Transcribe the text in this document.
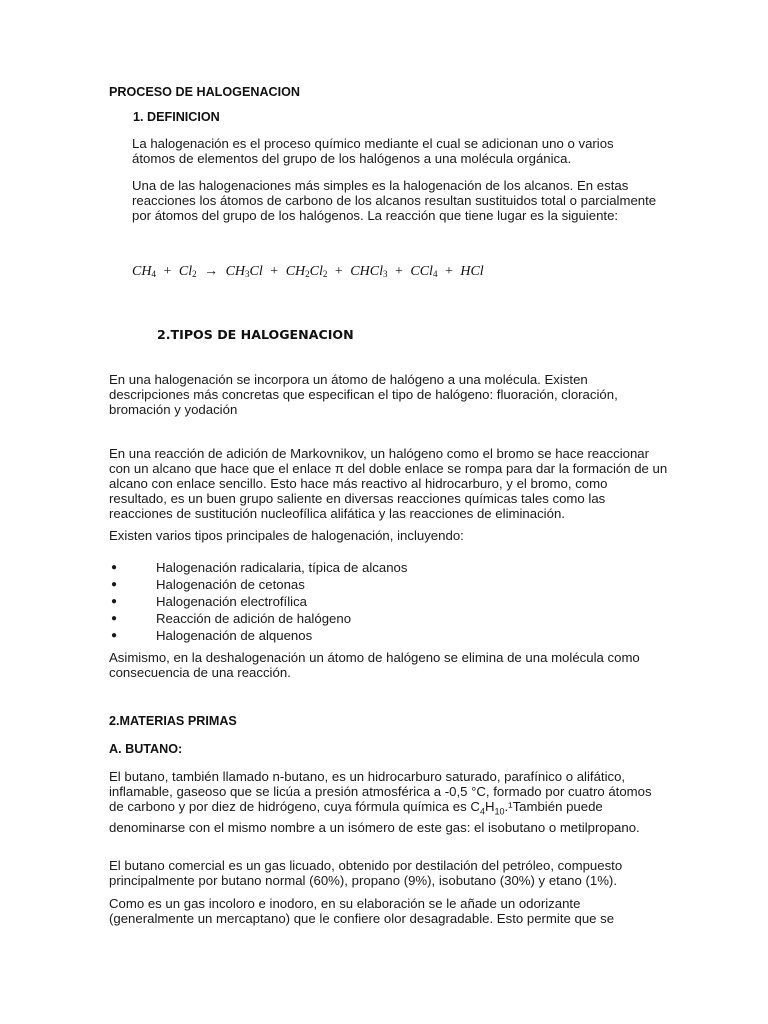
PROCESO DE HALOGENACION
1. DEFINICION

La halogenación es el proceso químico mediante el cual se adicionan uno o varios átomos de elementos del grupo de los halógenos a una molécula orgánica.

Una de las halogenaciones más simples es la halogenación de los alcanos. En estas reacciones los átomos de carbono de los alcanos resultan sustituidos total o parcialmente por átomos del grupo de los halógenos. La reacción que tiene lugar es la siguiente:

$CH_4 + Cl_2 \to CH_3Cl + CH_2Cl_2$ + CHCl$_3$ + CCl$_4$ + HCl
2.TIPOS DE HALOGENACION

En una halogenación se incorpora un átomo de halógeno a una molécula. Existen descripciones más concretas que especifican el tipo de halógeno: fluoración, cloración, bromación y yodación

En una reacción de adición de Markovnikov, un halógeno como el bromo se hace reaccionar con un alcano que hace que el enlace π del doble enlace se rompa para dar la formación de un alcano con enlace sencillo. Esto hace más reactivo al hidrocarburo, y el bromo, como resultado, es un buen grupo saliente en diversas reacciones químicas tales como las reacciones de sustitución nucleofílica alifática y las reacciones de eliminación.

Existen varios tipos principales de halogenación, incluyendo:

●	Halogenación radicalaria, típica de alcanos
●	Halogenación de cetonas
●	Halogenación electrofílica
●	Reacción de adición de halógeno
●	Halogenación de alquenos

Asimismo, en la deshalogenación un átomo de halógeno se elimina de una molécula como consecuencia de una reacción.

2.MATERIAS PRIMAS
A. BUTANO:

El butano, también llamado n-butano, es un hidrocarburo saturado, parafínico o alifático, inflamable, gaseoso que se licúa a presión atmosférica a -0,5 °C, formado por cuatro átomos de carbono y por diez de hidrógeno, cuya fórmula química es $C_4H_{10}.^1También$ puede denominarse con el mismo nombre a un isómero de este gas: el isobutano o metilpropano.

El butano comercial es un gas licuado, obtenido por destilación del petróleo, compuesto principalmente por butano normal (60%), propano (9%), isobutano (30%) y etano (1%).

Como es un gas incoloro e inodoro, en su elaboración se le añade un odorizante (generalmente un mercaptano) que le confiere olor desagradable. Esto permite que se
